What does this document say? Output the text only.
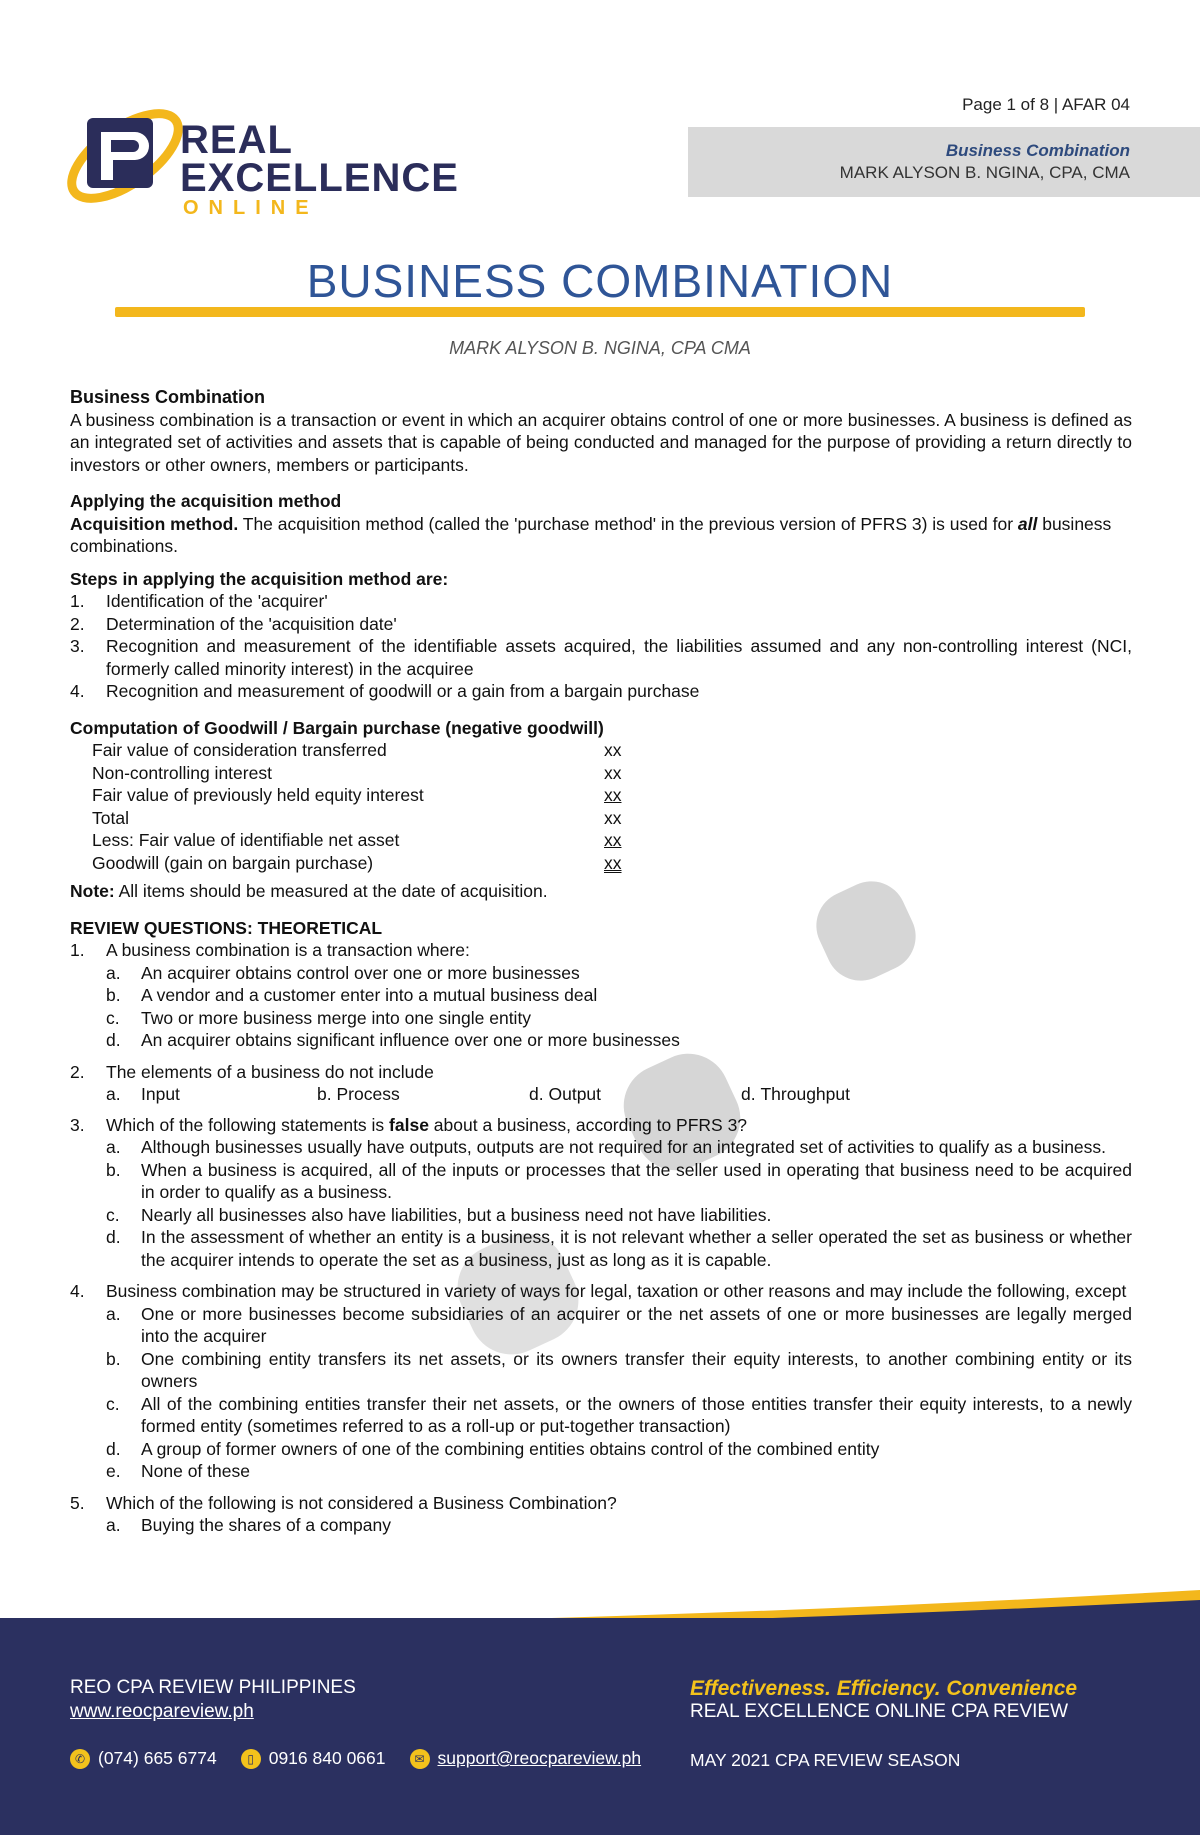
REAL
EXCELLENCE
ONLINE
Page 1 of 8 | AFAR 04
Business Combination
MARK ALYSON B. NGINA, CPA, CMA
BUSINESS COMBINATION
MARK ALYSON B. NGINA, CPA CMA

Business Combination

A business combination is a transaction or event in which an acquirer obtains control of one or more businesses. A business is defined as an integrated set of activities and assets that is capable of being conducted and managed for the purpose of providing a return directly to investors or other owners, members or participants.

Applying the acquisition method

Acquisition method. The acquisition method (called the 'purchase method' in the previous version of PFRS 3) is used for all business combinations.

Steps in applying the acquisition method are:

1.	Identification of the 'acquirer'
2.	Determination of the 'acquisition date'
3.	Recognition and measurement of the identifiable assets acquired, the liabilities assumed and any non-controlling interest (NCI, formerly called minority interest) in the acquiree
4.	Recognition and measurement of goodwill or a gain from a bargain purchase

Computation of Goodwill / Bargain purchase (negative goodwill)

Fair value of consideration transferred	xx
Non-controlling interest	xx
Fair value of previously held equity interest	xx
Total	xx
Less: Fair value of identifiable net asset	xx
Goodwill (gain on bargain purchase)	xx

Note: All items should be measured at the date of acquisition.

REVIEW QUESTIONS: THEORETICAL

1.	A business combination is a transaction where:
a.	An acquirer obtains control over one or more businesses
b.	A vendor and a customer enter into a mutual business deal
c.	Two or more business merge into one single entity
d.	An acquirer obtains significant influence over one or more businesses
2.	The elements of a business do not include
a. Input	b. Process	d. Output	d. Throughput
3.	Which of the following statements is false about a business, according to PFRS 3?
a.	Although businesses usually have outputs, outputs are not required for an integrated set of activities to qualify as a business.
b.	When a business is acquired, all of the inputs or processes that the seller used in operating that business need to be acquired in order to qualify as a business.
c.	Nearly all businesses also have liabilities, but a business need not have liabilities.
d.	In the assessment of whether an entity is a business, it is not relevant whether a seller operated the set as business or whether the acquirer intends to operate the set as a business, just as long as it is capable.
4.	Business combination may be structured in variety of ways for legal, taxation or other reasons and may include the following, except
a.	One or more businesses become subsidiaries of an acquirer or the net assets of one or more businesses are legally merged into the acquirer
b.	One combining entity transfers its net assets, or its owners transfer their equity interests, to another combining entity or its owners
c.	All of the combining entities transfer their net assets, or the owners of those entities transfer their equity interests, to a newly formed entity (sometimes referred to as a roll-up or put-together transaction)
d.	A group of former owners of one of the combining entities obtains control of the combined entity
e.	None of these
5.	Which of the following is not considered a Business Combination?
a.	Buying the shares of a company
REO CPA REVIEW PHILIPPINES
www.reocpareview.ph
Effectiveness. Efficiency. Convenience
REAL EXCELLENCE ONLINE CPA REVIEW
✆ (074) 665 6774	▯ 0916 840 0661	✉ support@reocpareview.ph	MAY 2021 CPA REVIEW SEASON
